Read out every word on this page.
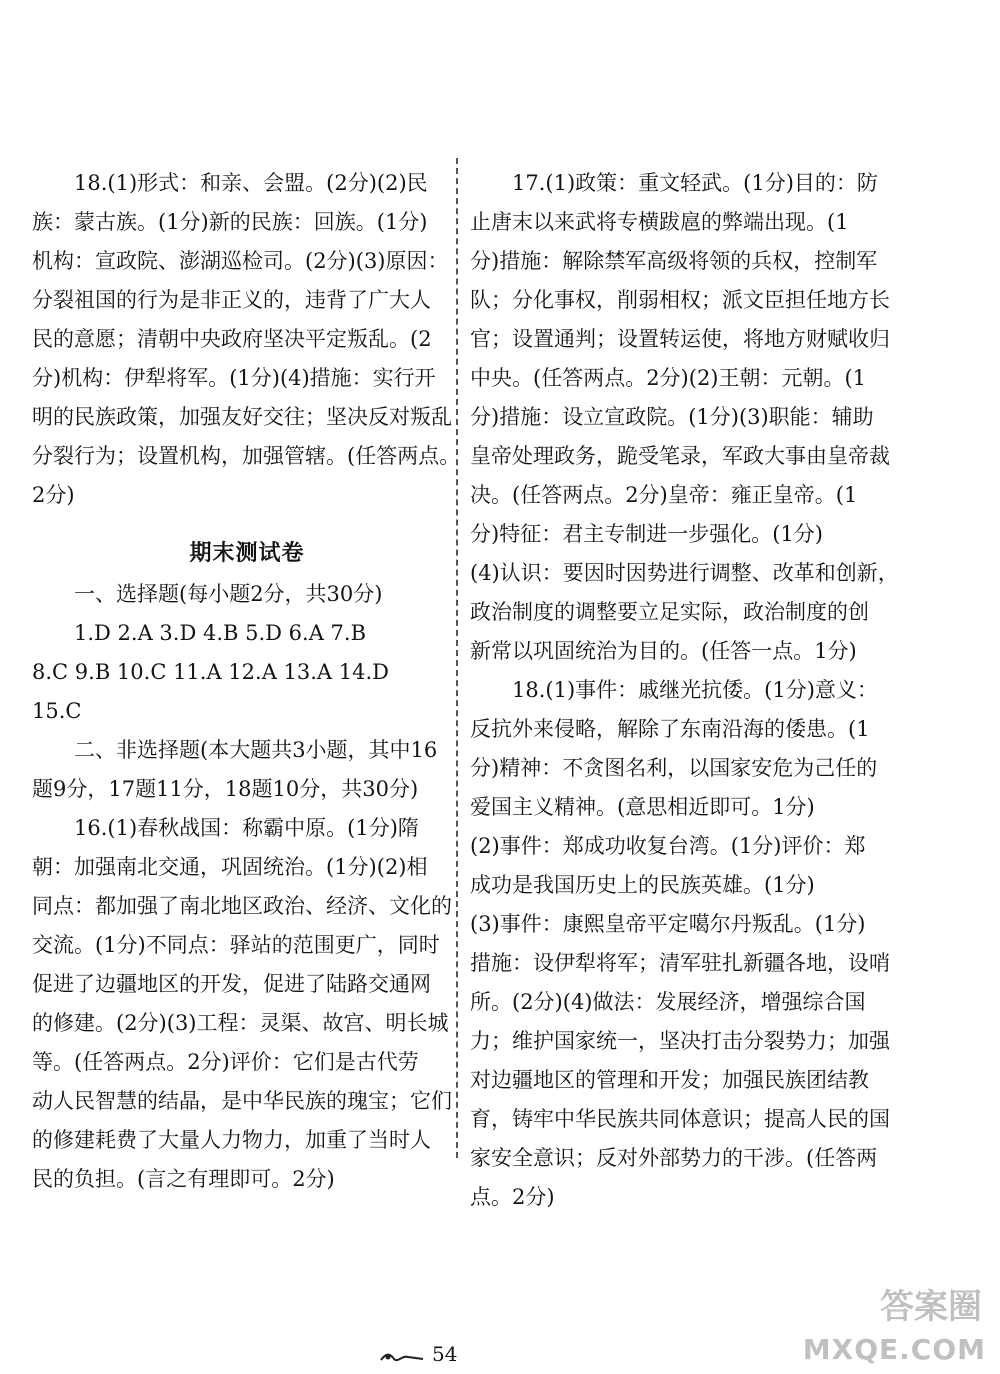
18.(1)形式：和亲、会盟。(2分)(2)民
族：蒙古族。(1分)新的民族：回族。(1分)
机构：宣政院、澎湖巡检司。(2分)(3)原因：
分裂祖国的行为是非正义的，违背了广大人
民的意愿；清朝中央政府坚决平定叛乱。(2
分)机构：伊犁将军。(1分)(4)措施：实行开
明的民族政策，加强友好交往；坚决反对叛乱
分裂行为；设置机构，加强管辖。(任答两点。
2分)
期末测试卷
一、选择题(每小题2分，共30分)
1.D 2.A 3.D 4.B 5.D 6.A 7.B
8.C 9.B 10.C 11.A 12.A 13.A 14.D
15.C
二、非选择题(本大题共3小题，其中16
题9分，17题11分，18题10分，共30分)
16.(1)春秋战国：称霸中原。(1分)隋
朝：加强南北交通，巩固统治。(1分)(2)相
同点：都加强了南北地区政治、经济、文化的
交流。(1分)不同点：驿站的范围更广，同时
促进了边疆地区的开发，促进了陆路交通网
的修建。(2分)(3)工程：灵渠、故宫、明长城
等。(任答两点。2分)评价：它们是古代劳
动人民智慧的结晶，是中华民族的瑰宝；它们
的修建耗费了大量人力物力，加重了当时人
民的负担。(言之有理即可。2分)
17.(1)政策：重文轻武。(1分)目的：防
止唐末以来武将专横跋扈的弊端出现。(1
分)措施：解除禁军高级将领的兵权，控制军
队；分化事权，削弱相权；派文臣担任地方长
官；设置通判；设置转运使，将地方财赋收归
中央。(任答两点。2分)(2)王朝：元朝。(1
分)措施：设立宣政院。(1分)(3)职能：辅助
皇帝处理政务，跪受笔录，军政大事由皇帝裁
决。(任答两点。2分)皇帝：雍正皇帝。(1
分)特征：君主专制进一步强化。(1分)
(4)认识：要因时因势进行调整、改革和创新，
政治制度的调整要立足实际，政治制度的创
新常以巩固统治为目的。(任答一点。1分)
18.(1)事件：戚继光抗倭。(1分)意义：
反抗外来侵略，解除了东南沿海的倭患。(1
分)精神：不贪图名利，以国家安危为己任的
爱国主义精神。(意思相近即可。1分)
(2)事件：郑成功收复台湾。(1分)评价：郑
成功是我国历史上的民族英雄。(1分)
(3)事件：康熙皇帝平定噶尔丹叛乱。(1分)
措施：设伊犁将军；清军驻扎新疆各地，设哨
所。(2分)(4)做法：发展经济，增强综合国
力；维护国家统一，坚决打击分裂势力；加强
对边疆地区的管理和开发；加强民族团结教
育，铸牢中华民族共同体意识；提高人民的国
家安全意识；反对外部势力的干涉。(任答两
点。2分)
54
答案圈
MXQE.COM
